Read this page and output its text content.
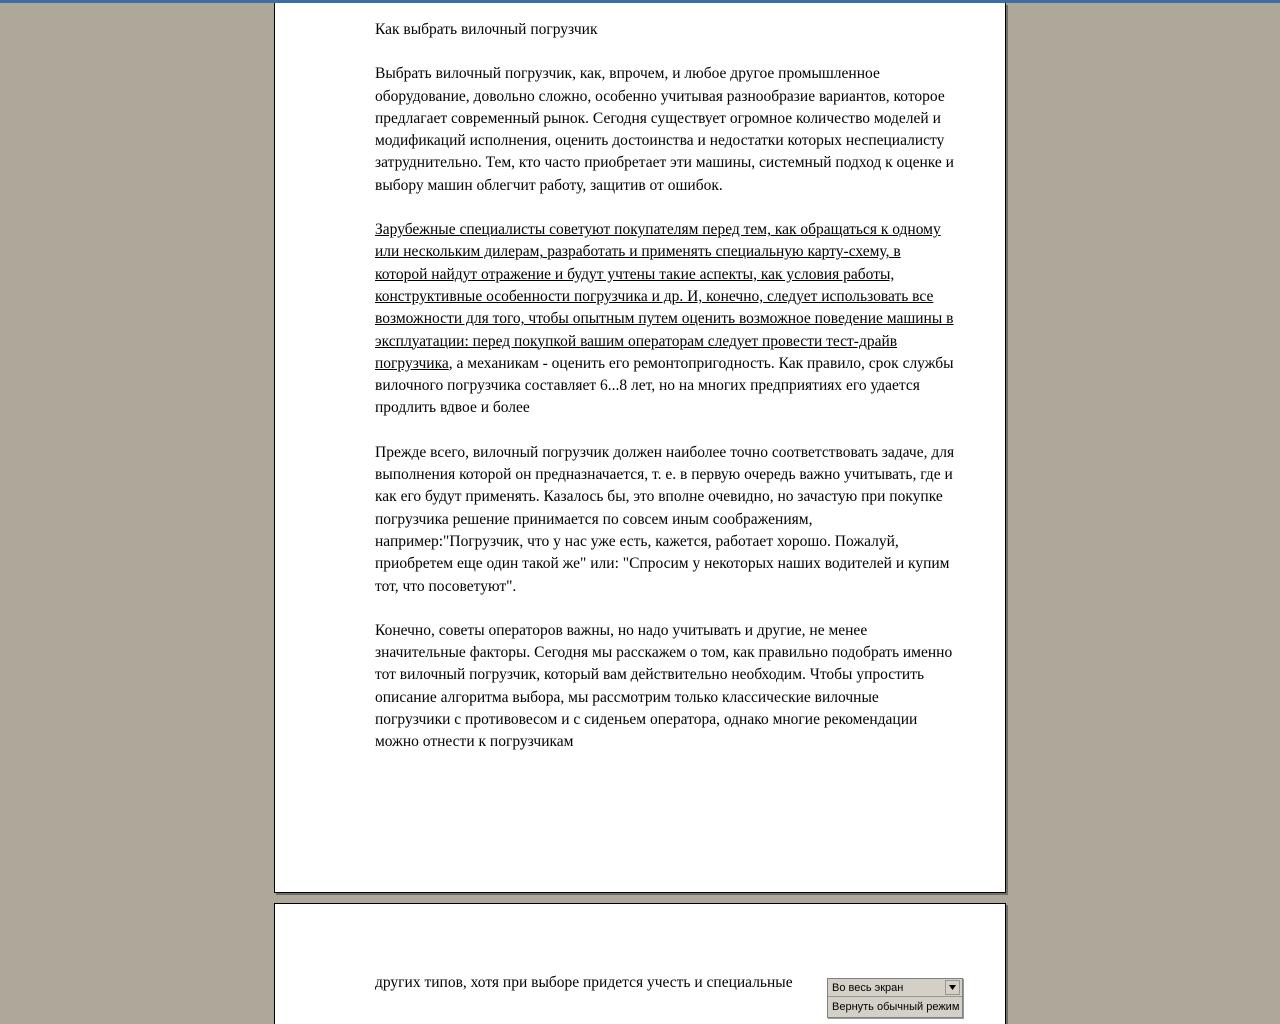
Как выбрать вилочный погрузчик

Выбрать вилочный погрузчик, как, впрочем, и любое другое промышленное оборудование, довольно сложно, особенно учитывая разнообразие вариантов, которое предлагает современный рынок. Сегодня существует огромное количество моделей и модификаций исполнения, оценить достоинства и недостатки которых неспециалисту затруднительно. Тем, кто часто приобретает эти машины, системный подход к оценке и выбору машин облегчит работу, защитив от ошибок.

Зарубежные специалисты советуют покупателям перед тем, как обращаться к одному или нескольким дилерам, разработать и применять специальную карту-схему, в которой найдут отражение и будут учтены такие аспекты, как условия работы, конструктивные особенности погрузчика и др. И, конечно, следует использовать все возможности для того, чтобы опытным путем оценить возможное поведение машины в эксплуатации: перед покупкой вашим операторам следует провести тест-драйв погрузчика, а механикам - оценить его ремонтопригодность. Как правило, срок службы вилочного погрузчика составляет 6...8 лет, но на многих предприятиях его удается продлить вдвое и более

Прежде всего, вилочный погрузчик должен наиболее точно соответствовать задаче, для выполнения которой он предназначается, т. е. в первую очередь важно учитывать, где и как его будут применять. Казалось бы, это вполне очевидно, но зачастую при покупке погрузчика решение принимается по совсем иным соображениям, например:"Погрузчик, что у нас уже есть, кажется, работает хорошо. Пожалуй, приобретем еще один такой же" или: "Спросим у некоторых наших водителей и купим тот, что посоветуют".

Конечно, советы операторов важны, но надо учитывать и другие, не менее значительные факторы. Сегодня мы расскажем о том, как правильно подобрать именно тот вилочный погрузчик, который вам действительно необходим. Чтобы упростить описание алгоритма выбора, мы рассмотрим только классические вилочные погрузчики с противовесом и с сиденьем оператора, однако многие рекомендации можно отнести к погрузчикам

других типов, хотя при выборе придется учесть и специальные	Во весь экран
Вернуть обычный режим
